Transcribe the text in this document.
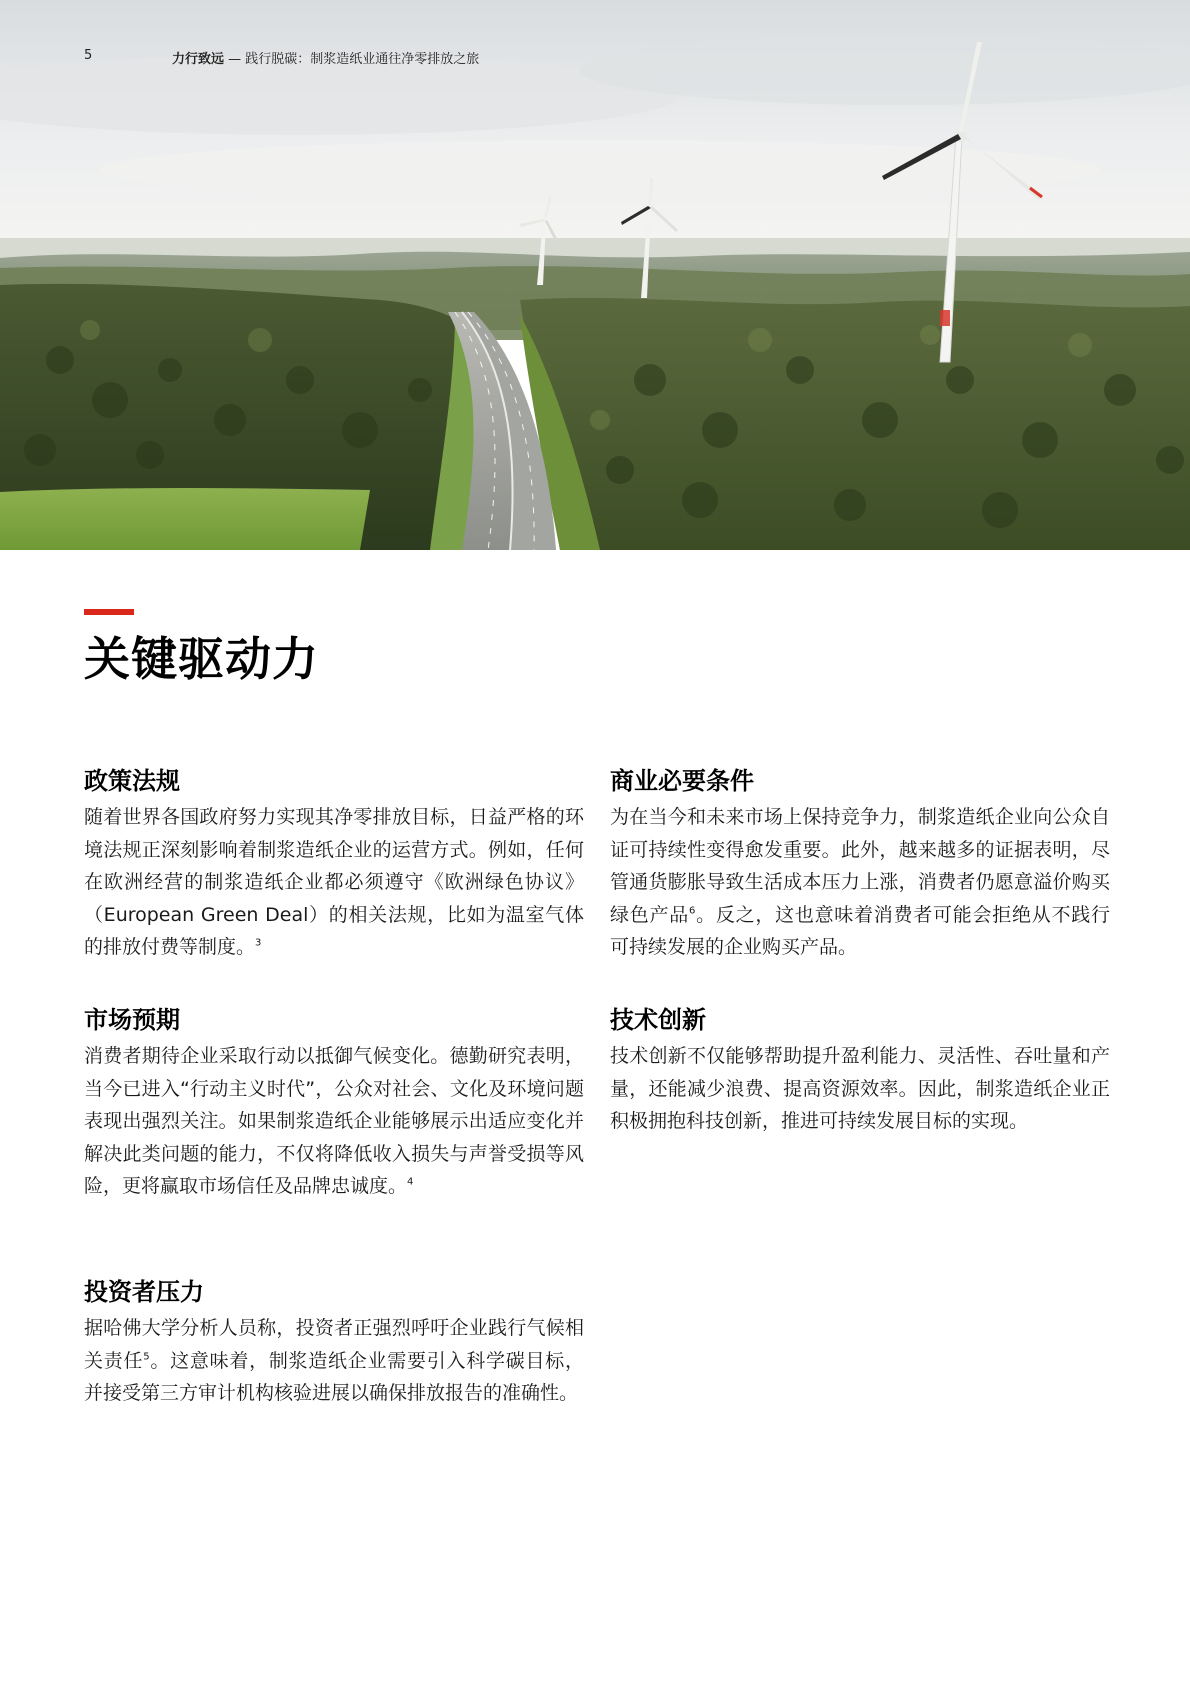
5	力行致远 — 践行脱碳：制浆造纸业通往净零排放之旅
关键驱动力
政策法规

随着世界各国政府努力实现其净零排放目标，日益严格的环境法规正深刻影响着制浆造纸企业的运营方式。例如，任何在欧洲经营的制浆造纸企业都必须遵守《欧洲绿色协议》（European Green Deal）的相关法规，比如为温室气体的排放付费等制度。$^3$

市场预期

消费者期待企业采取行动以抵御气候变化。德勤研究表明，当今已进入“行动主义时代”，公众对社会、文化及环境问题表现出强烈关注。如果制浆造纸企业能够展示出适应变化并解决此类问题的能力，不仅将降低收入损失与声誉受损等风险，更将赢取市场信任及品牌忠诚度。$^4$

投资者压力

据哈佛大学分析人员称，投资者正强烈呼吁企业践行气候相关责任$^5$。这意味着，制浆造纸企业需要引入科学碳目标，并接受第三方审计机构核验进展以确保排放报告的准确性。

商业必要条件

为在当今和未来市场上保持竞争力，制浆造纸企业向公众自证可持续性变得愈发重要。此外，越来越多的证据表明，尽管通货膨胀导致生活成本压力上涨，消费者仍愿意溢价购买绿色产品$^6$。反之，这也意味着消费者可能会拒绝从不践行可持续发展的企业购买产品。

技术创新

技术创新不仅能够帮助提升盈利能力、灵活性、吞吐量和产量，还能减少浪费、提高资源效率。因此，制浆造纸企业正积极拥抱科技创新，推进可持续发展目标的实现。
